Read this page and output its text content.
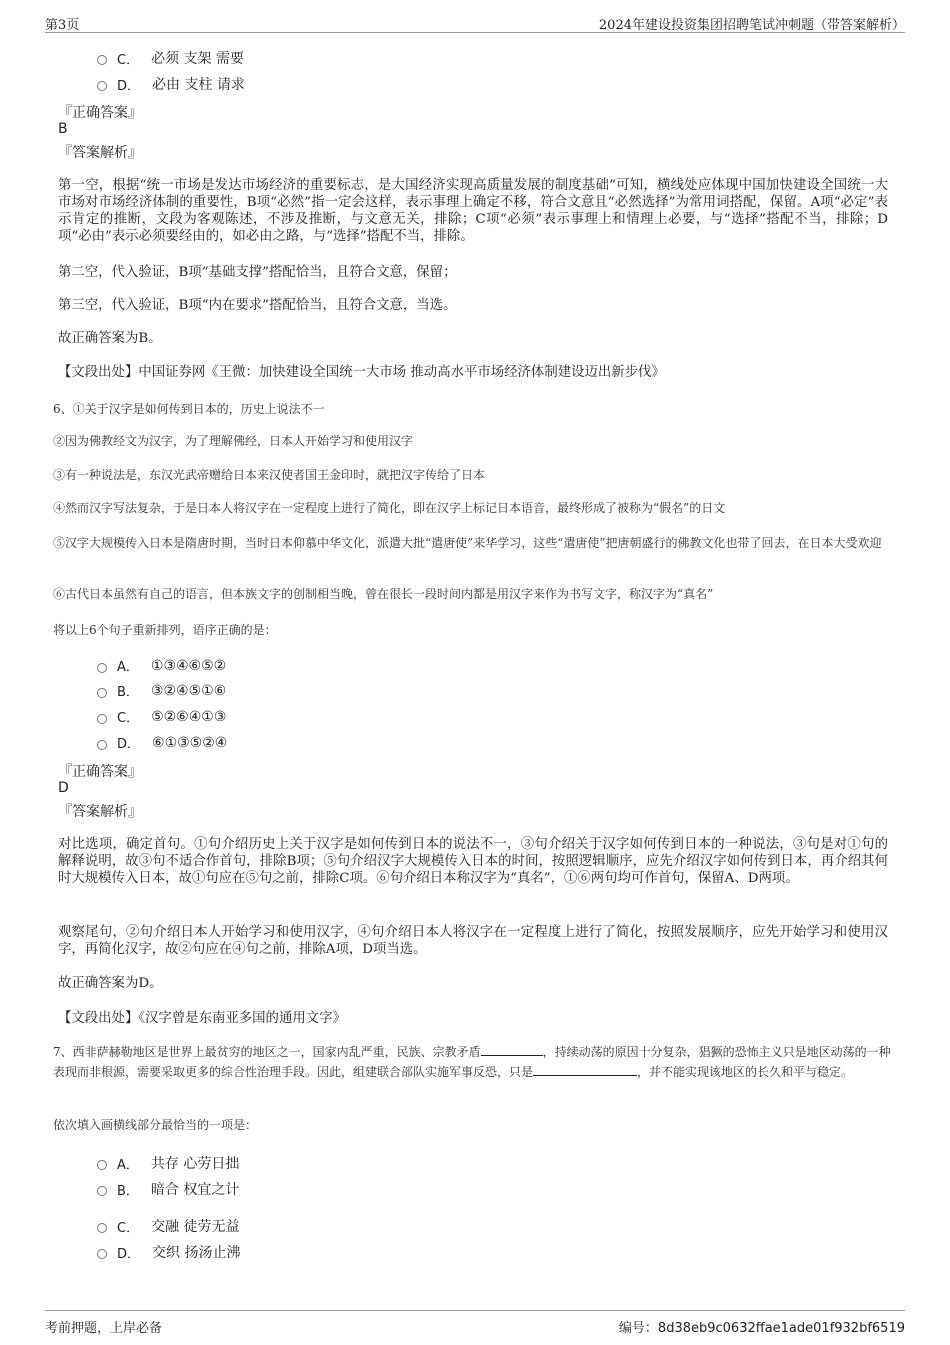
第3页	2024年建设投资集团招聘笔试冲刺题（带答案解析）
C． 必须 支架 需要
D． 必由 支柱 请求
『正确答案』
B
『答案解析』
第一空，根据“统一市场是发达市场经济的重要标志，是大国经济实现高质量发展的制度基础”可知，横线处应体现中国加快建设全国统一大市场对市场经济体制的重要性，B项“必然”指一定会这样，表示事理上确定不移，符合文意且“必然选择”为常用词搭配，保留。A项“必定”表示肯定的推断，文段为客观陈述，不涉及推断，与文意无关，排除；C项“必须”表示事理上和情理上必要，与“选择”搭配不当，排除；D项“必由”表示必须要经由的，如必由之路，与“选择”搭配不当，排除。
第二空，代入验证，B项“基础支撑”搭配恰当，且符合文意，保留；
第三空，代入验证，B项“内在要求”搭配恰当，且符合文意，当选。
故正确答案为B。
【文段出处】中国证券网《王微：加快建设全国统一大市场 推动高水平市场经济体制建设迈出新步伐》
6、①关于汉字是如何传到日本的，历史上说法不一
②因为佛教经文为汉字，为了理解佛经，日本人开始学习和使用汉字
③有一种说法是，东汉光武帝赠给日本来汉使者国王金印时，就把汉字传给了日本
④然而汉字写法复杂，于是日本人将汉字在一定程度上进行了简化，即在汉字上标记日本语音，最终形成了被称为“假名”的日文
⑤汉字大规模传入日本是隋唐时期，当时日本仰慕中华文化，派遣大批“遣唐使”来华学习，这些“遣唐使”把唐朝盛行的佛教文化也带了回去，在日本大受欢迎
⑥古代日本虽然有自己的语言，但本族文字的创制相当晚，曾在很长一段时间内都是用汉字来作为书写文字，称汉字为“真名”
将以上6个句子重新排列，语序正确的是：
A． ①③④⑥⑤②
B． ③②④⑤①⑥
C． ⑤②⑥④①③
D． ⑥①③⑤②④
『正确答案』
D
『答案解析』
对比选项，确定首句。①句介绍历史上关于汉字是如何传到日本的说法不一，③句介绍关于汉字如何传到日本的一种说法，③句是对①句的解释说明，故③句不适合作首句，排除B项；⑤句介绍汉字大规模传入日本的时间，按照逻辑顺序，应先介绍汉字如何传到日本，再介绍其何时大规模传入日本，故①句应在⑤句之前，排除C项。⑥句介绍日本称汉字为“真名”，①⑥两句均可作首句，保留A、D两项。
观察尾句，②句介绍日本人开始学习和使用汉字，④句介绍日本人将汉字在一定程度上进行了简化，按照发展顺序，应先开始学习和使用汉字，再简化汉字，故②句应在④句之前，排除A项，D项当选。
故正确答案为D。
【文段出处】《汉字曾是东南亚多国的通用文字》
7、西非萨赫勒地区是世界上最贫穷的地区之一，国家内乱严重，民族、宗教矛盾	，持续动荡的原因十分复杂，猖獗的恐怖主义只是地区动荡的一种表现而非根源，需要采取更多的综合性治理手段。因此，组建联合部队实施军事反恐，只是	，并不能实现该地区的长久和平与稳定。
依次填入画横线部分最恰当的一项是：
A． 共存 心劳日拙
B． 暗合 权宜之计
C． 交融 徒劳无益
D． 交织 扬汤止沸
考前押题，上岸必备	编号：8d38eb9c0632ffae1ade01f932bf6519
